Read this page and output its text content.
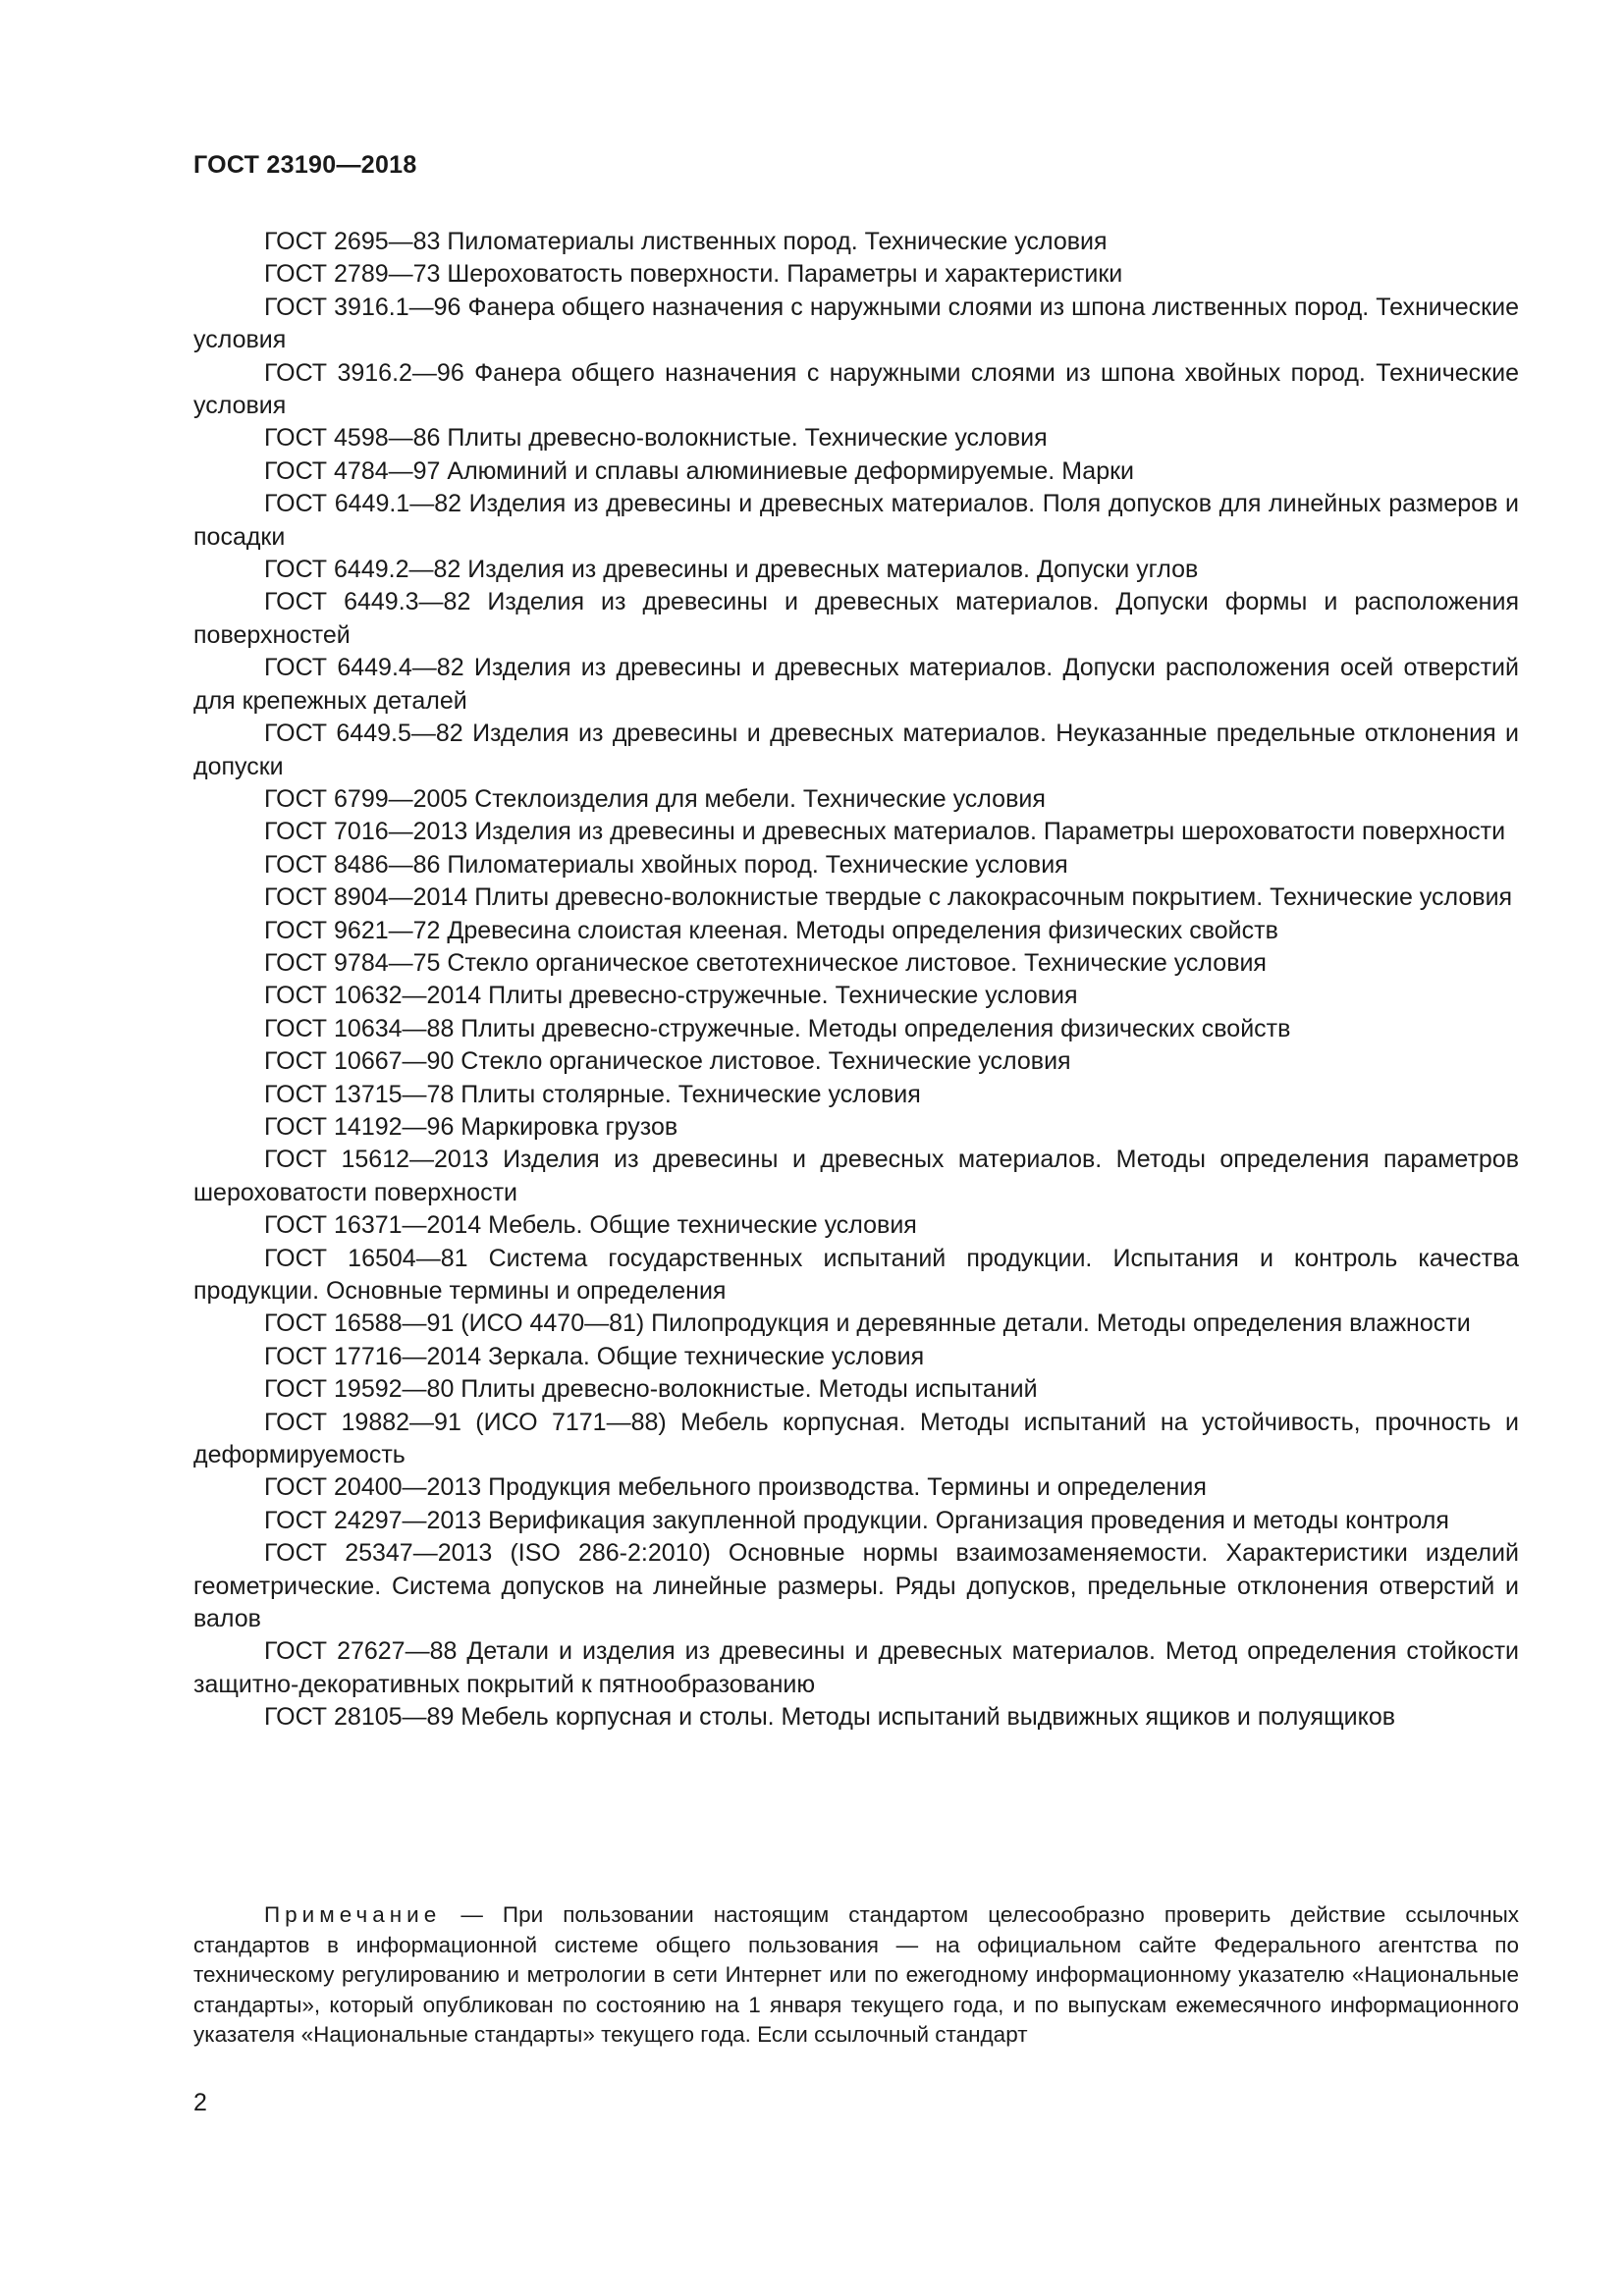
ГОСТ 23190—2018

ГОСТ 2695—83 Пиломатериалы лиственных пород. Технические условия

ГОСТ 2789—73 Шероховатость поверхности. Параметры и характеристики

ГОСТ 3916.1—96 Фанера общего назначения с наружными слоями из шпона лиственных пород. Технические условия

ГОСТ 3916.2—96 Фанера общего назначения с наружными слоями из шпона хвойных пород. Технические условия

ГОСТ 4598—86 Плиты древесно-волокнистые. Технические условия

ГОСТ 4784—97 Алюминий и сплавы алюминиевые деформируемые. Марки

ГОСТ 6449.1—82 Изделия из древесины и древесных материалов. Поля допусков для линейных размеров и посадки

ГОСТ 6449.2—82 Изделия из древесины и древесных материалов. Допуски углов

ГОСТ 6449.3—82 Изделия из древесины и древесных материалов. Допуски формы и расположения поверхностей

ГОСТ 6449.4—82 Изделия из древесины и древесных материалов. Допуски расположения осей отверстий для крепежных деталей

ГОСТ 6449.5—82 Изделия из древесины и древесных материалов. Неуказанные предельные отклонения и допуски

ГОСТ 6799—2005 Стеклоизделия для мебели. Технические условия

ГОСТ 7016—2013 Изделия из древесины и древесных материалов. Параметры шероховатости поверхности

ГОСТ 8486—86 Пиломатериалы хвойных пород. Технические условия

ГОСТ 8904—2014 Плиты древесно-волокнистые твердые с лакокрасочным покрытием. Технические условия

ГОСТ 9621—72 Древесина слоистая клееная. Методы определения физических свойств

ГОСТ 9784—75 Стекло органическое светотехническое листовое. Технические условия

ГОСТ 10632—2014 Плиты древесно-стружечные. Технические условия

ГОСТ 10634—88 Плиты древесно-стружечные. Методы определения физических свойств

ГОСТ 10667—90 Стекло органическое листовое. Технические условия

ГОСТ 13715—78 Плиты столярные. Технические условия

ГОСТ 14192—96 Маркировка грузов

ГОСТ 15612—2013 Изделия из древесины и древесных материалов. Методы определения параметров шероховатости поверхности

ГОСТ 16371—2014 Мебель. Общие технические условия

ГОСТ 16504—81 Система государственных испытаний продукции. Испытания и контроль качества продукции. Основные термины и определения

ГОСТ 16588—91 (ИСО 4470—81) Пилопродукция и деревянные детали. Методы определения влажности

ГОСТ 17716—2014 Зеркала. Общие технические условия

ГОСТ 19592—80 Плиты древесно-волокнистые. Методы испытаний

ГОСТ 19882—91 (ИСО 7171—88) Мебель корпусная. Методы испытаний на устойчивость, прочность и деформируемость

ГОСТ 20400—2013 Продукция мебельного производства. Термины и определения

ГОСТ 24297—2013 Верификация закупленной продукции. Организация проведения и методы контроля

ГОСТ 25347—2013 (ISO 286-2:2010) Основные нормы взаимозаменяемости. Характеристики изделий геометрические. Система допусков на линейные размеры. Ряды допусков, предельные отклонения отверстий и валов

ГОСТ 27627—88 Детали и изделия из древесины и древесных материалов. Метод определения стойкости защитно-декоративных покрытий к пятнообразованию

ГОСТ 28105—89 Мебель корпусная и столы. Методы испытаний выдвижных ящиков и полуящиков

Примечание — При пользовании настоящим стандартом целесообразно проверить действие ссылочных стандартов в информационной системе общего пользования — на официальном сайте Федерального агентства по техническому регулированию и метрологии в сети Интернет или по ежегодному информационному указателю «Национальные стандарты», который опубликован по состоянию на 1 января текущего года, и по выпускам ежемесячного информационного указателя «Национальные стандарты» текущего года. Если ссылочный стандарт

2
